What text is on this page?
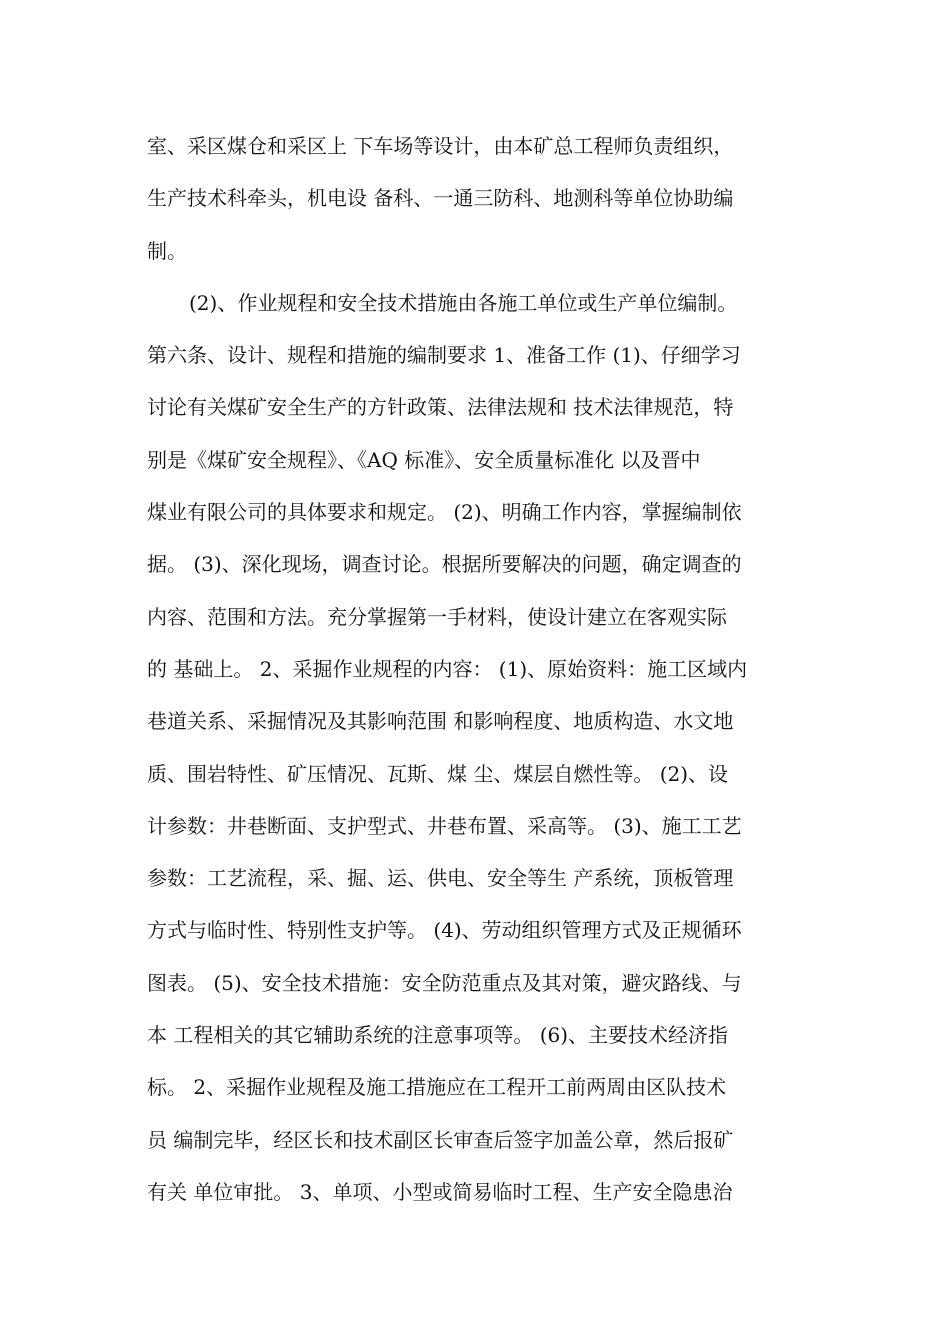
室、采区煤仓和采区上 下车场等设计，由本矿总工程师负责组织，
生产技术科牵头，机电设 备科、一通三防科、地测科等单位协助编
制。
(2)、作业规程和安全技术措施由各施工单位或生产单位编制。
第六条、设计、规程和措施的编制要求 1、准备工作 (1)、仔细学习
讨论有关煤矿安全生产的方针政策、法律法规和 技术法律规范，特
别是《煤矿安全规程》、《AQ 标准》、安全质量标准化 以及晋中
煤业有限公司的具体要求和规定。 (2)、明确工作内容，掌握编制依
据。 (3)、深化现场，调查讨论。根据所要解决的问题，确定调查的
内容、范围和方法。充分掌握第一手材料，使设计建立在客观实际
的 基础上。 2、采掘作业规程的内容： (1)、原始资料：施工区域内
巷道关系、采掘情况及其影响范围 和影响程度、地质构造、水文地
质、围岩特性、矿压情况、瓦斯、煤 尘、煤层自燃性等。 (2)、设
计参数：井巷断面、支护型式、井巷布置、采高等。 (3)、施工工艺
参数：工艺流程，采、掘、运、供电、安全等生 产系统，顶板管理
方式与临时性、特别性支护等。 (4)、劳动组织管理方式及正规循环
图表。 (5)、安全技术措施：安全防范重点及其对策，避灾路线、与
本 工程相关的其它辅助系统的注意事项等。 (6)、主要技术经济指
标。 2、采掘作业规程及施工措施应在工程开工前两周由区队技术
员 编制完毕，经区长和技术副区长审查后签字加盖公章，然后报矿
有关 单位审批。 3、单项、小型或简易临时工程、生产安全隐患治
